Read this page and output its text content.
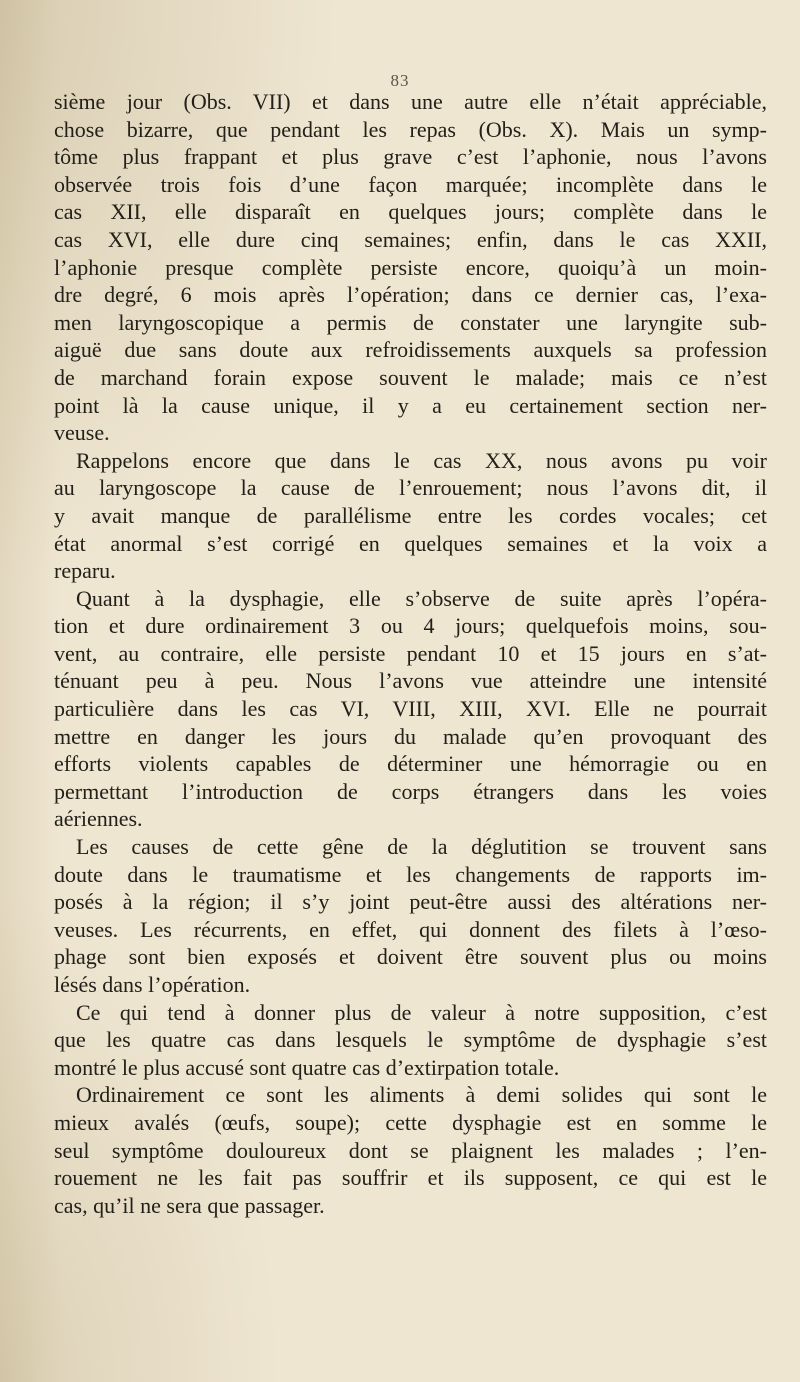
83
sième jour (Obs. VII) et dans une autre elle n’était appréciable,
chose bizarre, que pendant les repas (Obs. X). Mais un symp-
tôme plus frappant et plus grave c’est l’aphonie, nous l’avons
observée trois fois d’une façon marquée; incomplète dans le
cas XII, elle disparaît en quelques jours; complète dans le
cas XVI, elle dure cinq semaines; enfin, dans le cas XXII,
l’aphonie presque complète persiste encore, quoiqu’à un moin-
dre degré, 6 mois après l’opération; dans ce dernier cas, l’exa-
men laryngoscopique a permis de constater une laryngite sub-
aiguë due sans doute aux refroidissements auxquels sa profession
de marchand forain expose souvent le malade; mais ce n’est
point là la cause unique, il y a eu certainement section ner-
veuse.
Rappelons encore que dans le cas XX, nous avons pu voir
au laryngoscope la cause de l’enrouement; nous l’avons dit, il
y avait manque de parallélisme entre les cordes vocales; cet
état anormal s’est corrigé en quelques semaines et la voix a
reparu.
Quant à la dysphagie, elle s’observe de suite après l’opéra-
tion et dure ordinairement 3 ou 4 jours; quelquefois moins, sou-
vent, au contraire, elle persiste pendant 10 et 15 jours en s’at-
ténuant peu à peu. Nous l’avons vue atteindre une intensité
particulière dans les cas VI, VIII, XIII, XVI. Elle ne pourrait
mettre en danger les jours du malade qu’en provoquant des
efforts violents capables de déterminer une hémorragie ou en
permettant l’introduction de corps étrangers dans les voies
aériennes.
Les causes de cette gêne de la déglutition se trouvent sans
doute dans le traumatisme et les changements de rapports im-
posés à la région; il s’y joint peut-être aussi des altérations ner-
veuses. Les récurrents, en effet, qui donnent des filets à l’œso-
phage sont bien exposés et doivent être souvent plus ou moins
lésés dans l’opération.
Ce qui tend à donner plus de valeur à notre supposition, c’est
que les quatre cas dans lesquels le symptôme de dysphagie s’est
montré le plus accusé sont quatre cas d’extirpation totale.
Ordinairement ce sont les aliments à demi solides qui sont le
mieux avalés (œufs, soupe); cette dysphagie est en somme le
seul symptôme douloureux dont se plaignent les malades ; l’en-
rouement ne les fait pas souffrir et ils supposent, ce qui est le
cas, qu’il ne sera que passager.
